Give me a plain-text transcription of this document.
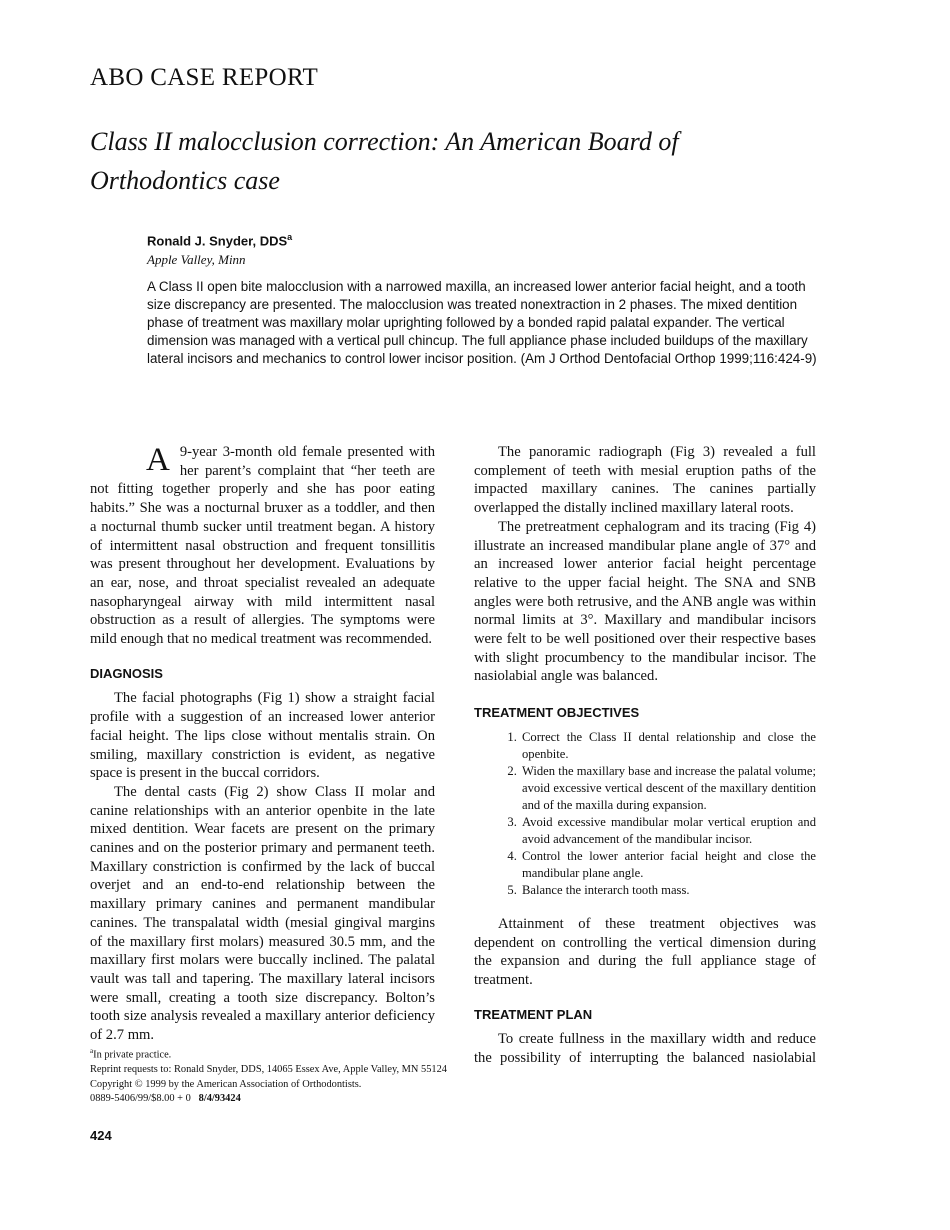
ABO CASE REPORT
Class II malocclusion correction: An American Board of Orthodontics case
Ronald J. Snyder, DDS$^a$
Apple Valley, Minn
A Class II open bite malocclusion with a narrowed maxilla, an increased lower anterior facial height, and a tooth size discrepancy are presented. The malocclusion was treated nonextraction in 2 phases. The mixed dentition phase of treatment was maxillary molar uprighting followed by a bonded rapid palatal expander. The vertical dimension was managed with a vertical pull chincup. The full appliance phase included buildups of the maxillary lateral incisors and mechanics to control lower incisor position. (Am J Orthod Dentofacial Orthop 1999;116:424-9)

A 9-year 3-month old female presented with her parent’s complaint that “her teeth are not fitting together properly and she has poor eating habits.” She was a nocturnal bruxer as a toddler, and then a nocturnal thumb sucker until treatment began. A history of intermittent nasal obstruction and frequent tonsillitis was present throughout her development. Evaluations by an ear, nose, and throat specialist revealed an adequate nasopharyngeal airway with mild intermittent nasal obstruction as a result of allergies. The symptoms were mild enough that no medical treatment was recommended.

DIAGNOSIS

The facial photographs (Fig 1) show a straight facial profile with a suggestion of an increased lower anterior facial height. The lips close without mentalis strain. On smiling, maxillary constriction is evident, as negative space is present in the buccal corridors.

The dental casts (Fig 2) show Class II molar and canine relationships with an anterior openbite in the late mixed dentition. Wear facets are present on the primary canines and on the posterior primary and permanent teeth. Maxillary constriction is confirmed by the lack of buccal overjet and an end-to-end relationship between the maxillary primary canines and permanent mandibular canines. The transpalatal width (mesial gingival margins of the maxillary first molars) measured 30.5 mm, and the maxillary first molars were buccally inclined. The palatal vault was tall and tapering. The maxillary lateral incisors were small, creating a tooth size discrepancy. Bolton’s tooth size analysis revealed a maxillary anterior deficiency of 2.7 mm.

The panoramic radiograph (Fig 3) revealed a full complement of teeth with mesial eruption paths of the impacted maxillary canines. The canines partially overlapped the distally inclined maxillary lateral roots.

The pretreatment cephalogram and its tracing (Fig 4) illustrate an increased mandibular plane angle of 37° and an increased lower anterior facial height percentage relative to the upper facial height. The SNA and SNB angles were both retrusive, and the ANB angle was within normal limits at 3°. Maxillary and mandibular incisors were felt to be well positioned over their respective bases with slight procumbency to the mandibular incisor. The nasiolabial angle was balanced.

TREATMENT OBJECTIVES
1. Correct the Class II dental relationship and close the openbite.
2. Widen the maxillary base and increase the palatal volume; avoid excessive vertical descent of the maxillary dentition and of the maxilla during expansion.
3. Avoid excessive mandibular molar vertical eruption and avoid advancement of the mandibular incisor.
4. Control the lower anterior facial height and close the mandibular plane angle.
5. Balance the interarch tooth mass.

Attainment of these treatment objectives was dependent on controlling the vertical dimension during the expansion and during the full appliance stage of treatment.

TREATMENT PLAN

To create fullness in the maxillary width and reduce the possibility of interrupting the balanced nasiolabial

$^a$In private practice.
Reprint requests to: Ronald Snyder, DDS, 14065 Essex Ave, Apple Valley, MN 55124
Copyright © 1999 by the American Association of Orthodontists.
0889-5406/99/$8.00 + 0 8/4/93424
424
